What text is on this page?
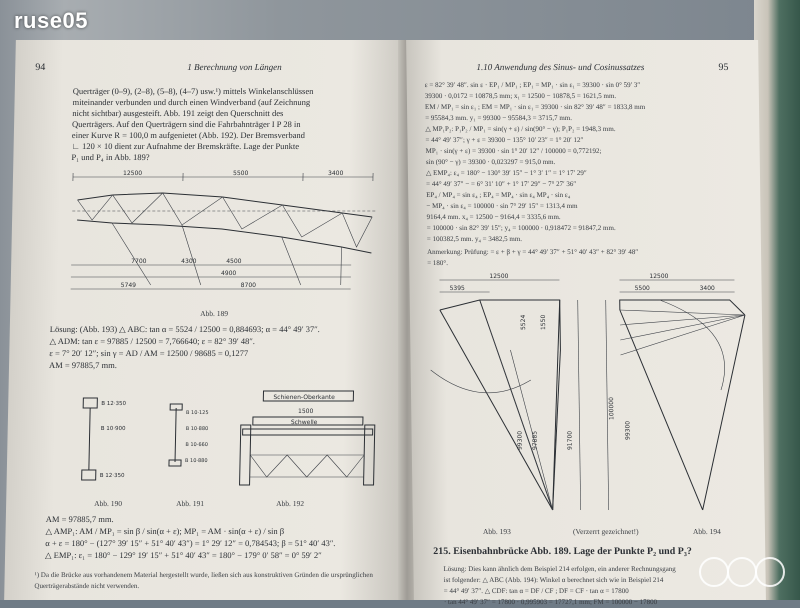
94	1 Berechnung von Längen
Querträger (0–9), (2–8), (5–8), (4–7) usw.¹) mittels Winkelanschlüssen
miteinander verbunden und durch einen Windverband (auf Zeichnung
nicht sichtbar) ausgesteift. Abb. 191 zeigt den Querschnitt des
Querträgers. Auf den Querträgern sind die Fahrbahnträger I P 28 in
einer Kurve R = 100,0 m aufgenietet (Abb. 192). Der Bremsverband
∟ 120 × 10 dient zur Aufnahme der Bremskräfte. Lage der Punkte
P₁ und P₄ in Abb. 189?
12500	5500	3400
7700	4300	4500
5749	8700
4900
Abb. 189
Lösung: (Abb. 193) △ ABC: tan α = 5524 / 12500 = 0,884693; α = 44° 49′ 37″.
△ ADM: tan ε = 97885 / 12500 = 7,766640; ε = 82° 39′ 48″.
ε = 7° 20′ 12″; sin γ = AD / AM = 12500 / 98685 = 0,1277
AM = 97885,7 mm.
B 12·350
B 10·900
B 12·350
B 10·125
B 10·880
B 10·660
B 10·880
Schienen-Oberkante
1500
Schwelle
Abb. 190	Abb. 191	Abb. 192
AM = 97885,7 mm.
△ AMP₁: AM / MP₁ = sin β / sin(α + ε); MP₁ = AM · sin(α + ε) / sin β
α + ε = 180° − (127° 39′ 15″ + 51° 40′ 43″) = 1° 29′ 12″ = 0,784543; β = 51° 40′ 43″.
△ EMP₁: ε₁ = 180° − 129° 19′ 15″ + 51° 40′ 43″ = 180° − 179° 0′ 58″ = 0° 59′ 2″
¹) Da die Brücke aus vorhandenem Material hergestellt wurde, ließen sich aus konstruktiven Gründen die ursprünglichen Querträgerabstände nicht verwenden.
1.10 Anwendung des Sinus- und Cosinussatzes	95
ε = 82° 39′ 48″. sin ε · EP₁ / MP₁ ; EP₁ = MP₁ · sin ε₁ = 39300 · sin 0° 59′ 3″
39300 · 0,0172 = 10878,5 mm; x₁ = 12500 − 10878,5 = 1621,5 mm.
EM / MP₁ = sin ε₁ ; EM = MP₁ · sin ε₁ = 39300 · sin 82° 39′ 48″ = 1833,8 mm
= 95584,3 mm. y₁ = 99300 − 95584,3 = 3715,7 mm.
△ MP₁P₂: P₁P₂ / MP₁ = sin(γ + ε) / sin(90° − γ); P₁P₂ = 1948,3 mm.
= 44° 49′ 37″; γ + ε = 39300 − 135° 10′ 23″ = 1° 20′ 12″
MP₁ · sin(γ + ε) = 39300 · sin 1° 20′ 12″ / 100000 = 0,772192;
sin (90° − γ) = 39300 · 0,023297 = 915,0 mm.
△ EMP₄: ε₄ = 180° − 130° 39′ 15″ − 1° 3′ 1″ = 1° 17′ 29″
= 44° 49′ 37″ − = 6° 31′ 10″ + 1° 17′ 29″ − 7° 27′ 36″
EP₄ / MP₄ = sin ε₄ ; EP₄ = MP₄ · sin ε₄ MP₄ · sin ε₄
− MP₄ · sin ε₄ = 100000 · sin 7° 29′ 15″ = 1313,4 mm
9164,4 mm. x₄ = 12500 − 9164,4 = 3335,6 mm.
= 100000 · sin 82° 39′ 15″; y₄ = 100000 · 0,918472 = 91847,2 mm.
= 100382,5 mm. y₄ = 3482,5 mm.
Anmerkung: Prüfung: = ε + β + γ = 44° 49′ 37″ + 51° 40′ 43″ + 82° 39′ 48″
= 180°.
12500
5395
5524 1550
99300 97885	91700
12500
5500	3400
100000
99300
Abb. 193	(Verzerrt gezeichnet!)	Abb. 194
215. Eisenbahnbrücke Abb. 189. Lage der Punkte P₂ und P₃?
Lösung: Dies kann ähnlich dem Beispiel 214 erfolgen, ein anderer Rechnungsgang
ist folgender: △ ABC (Abb. 194): Winkel α berechnet sich wie in Beispiel 214
= 44° 49′ 37″. △ CDF: tan α = DF / CF ; DF = CF · tan α = 17800
· tan 44° 49′ 37″ = 17800 · 0,995903 = 17727,1 mm; FM = 100000 − 17800
ruse05
